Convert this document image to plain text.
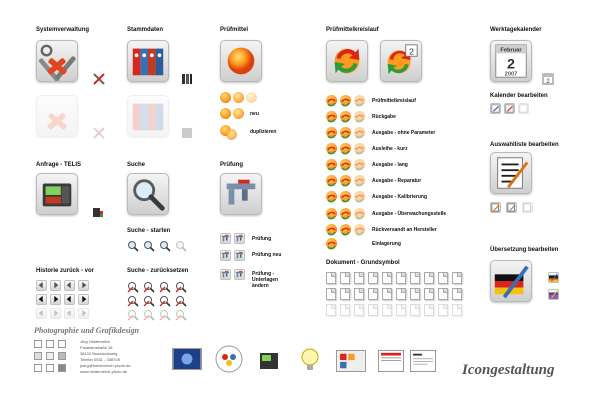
Systemverwaltung
Anfrage - TELIS
Historie zurück - vor
Stammdaten
Suche
Suche - starten
Suche - zurücksetzen
Prüfmittel
neu
duplizieren
Prüfung
Prüfmittelkreislauf
2
Dokument - Grundsymbol
Werktagekalender
Februar
2
2007
2
Kalender bearbeiten
Auswahlliste bearbeiten
Übersetzung bearbeiten
Photographie und Grafikdesign
Jörg Heidenreich
Fasanenstraße 18
38102 Braunschweig
Telefon 0531 - 338708
joerg@heidenreich-photo.de
www.heidenreich-photo.de	Icongestaltung
Prüfung
Prüfung neu
Prüfung -
Unterlagen
ändern
Prüfmittelkreislauf
Rückgabe
Ausgabe - ohne Parameter
Ausleihe - kurz
Ausgabe - lang
Ausgabe - Reparatur
Ausgabe - Kalibrierung
Ausgabe - Überwachungsstelle
Rückversandt an Hersteller
Einlagerung
